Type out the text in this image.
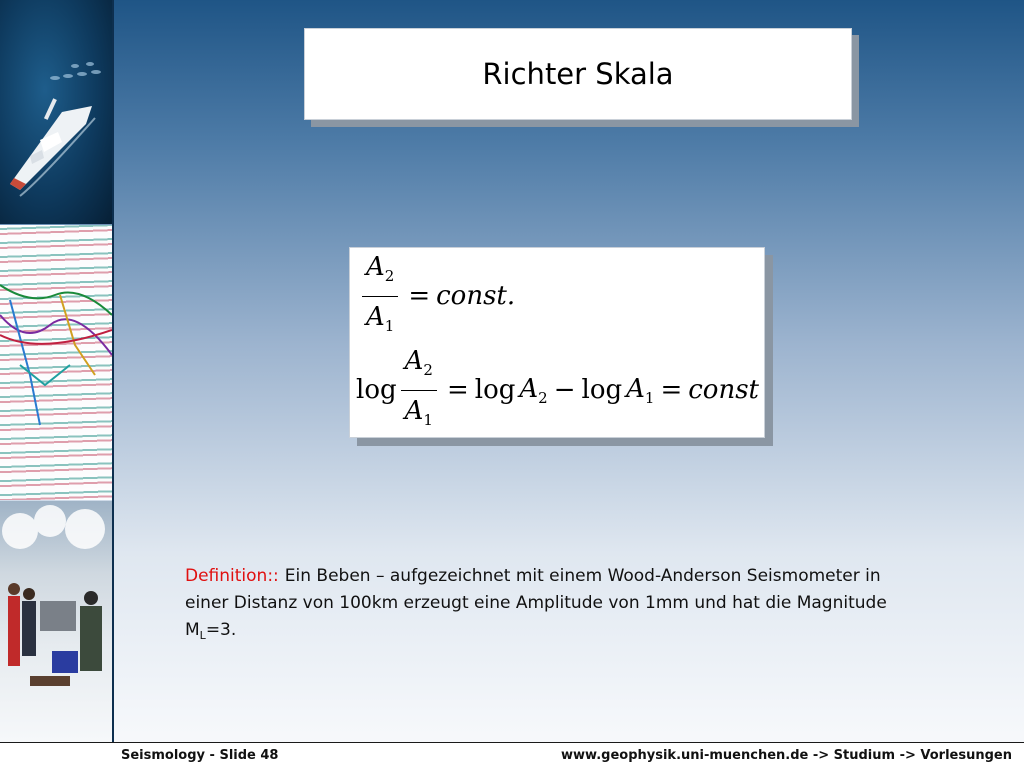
Richter Skala
$\frac{A_2}{A_1}$ = const.
$\log \frac{A_2}{A_1} = \log A_2 - \log A_1$ = const

Definition:: Ein Beben – aufgezeichnet mit einem Wood-Anderson Seismometer in einer Distanz von 100km erzeugt eine Amplitude von 1mm und hat die Magnitude $M_L=3$.

Seismology - Slide 48	www.geophysik.uni-muenchen.de -> Studium -> Vorlesungen
